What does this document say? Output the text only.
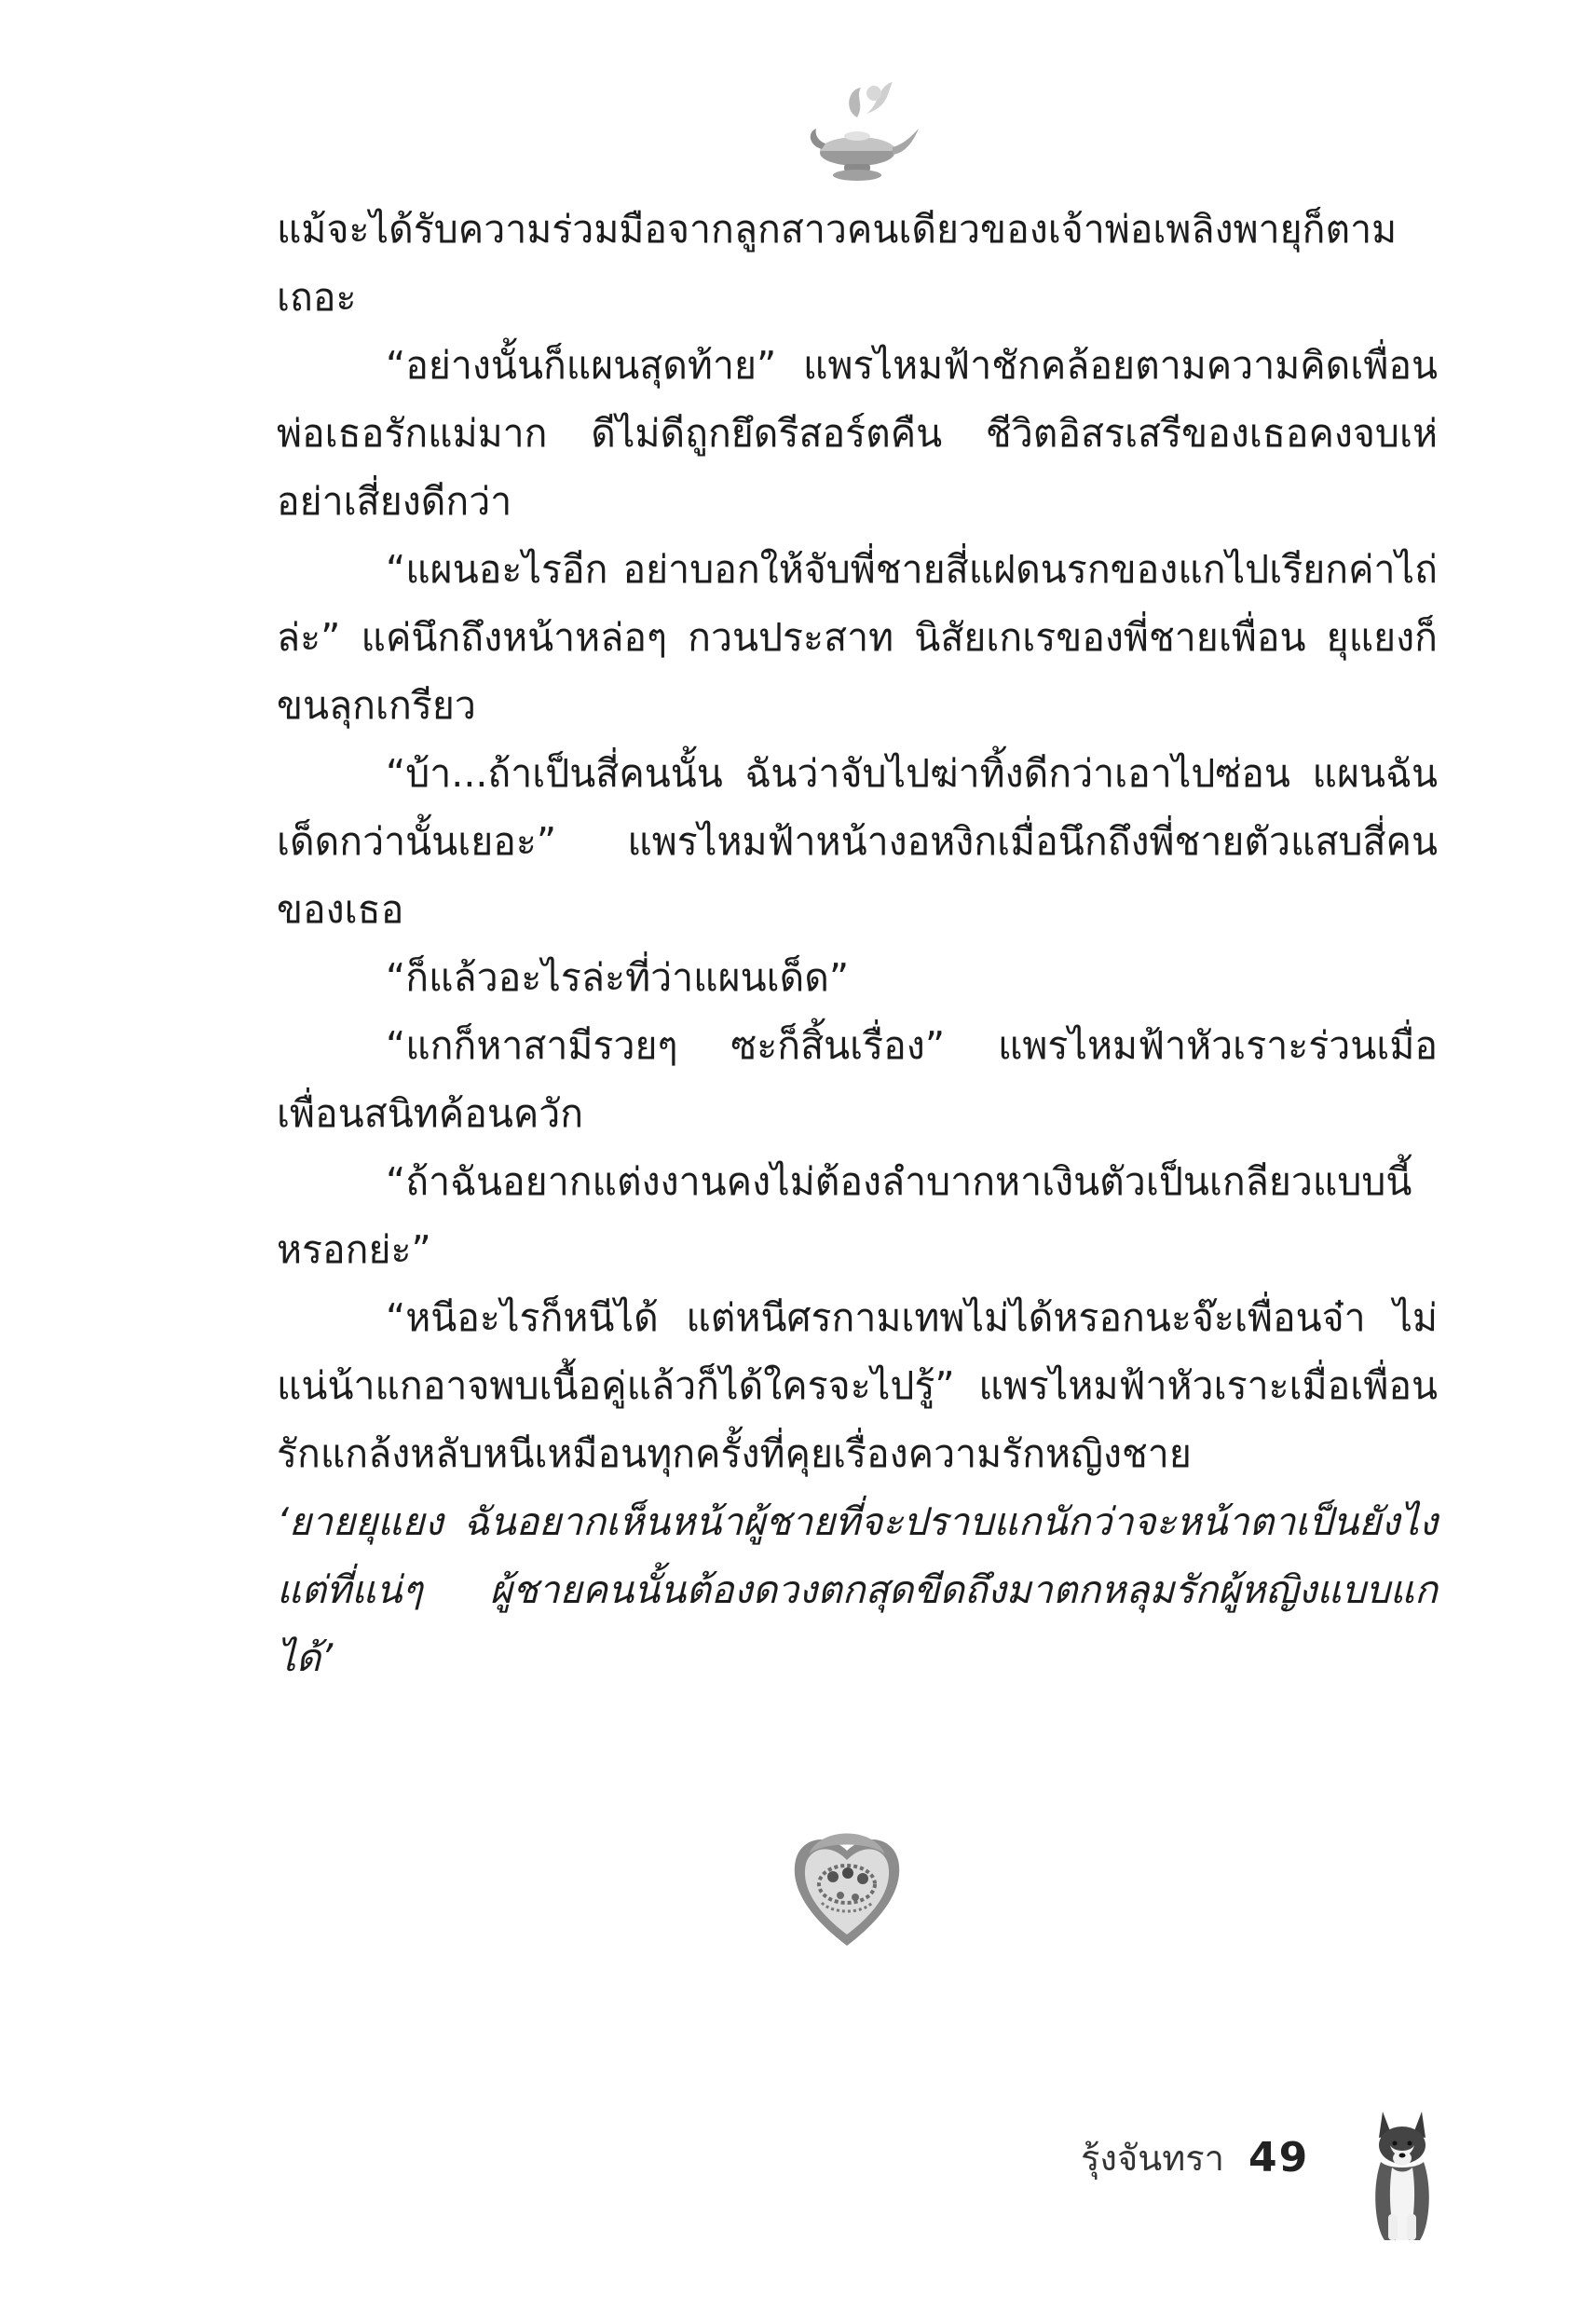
แม้จะได้รับความร่วมมือจากลูกสาวคนเดียวของเจ้าพ่อเพลิงพายุก็ตามเถอะ

“อย่างนั้นก็แผนสุดท้าย” แพรไหมฟ้าชักคล้อยตามความคิดเพื่อน พ่อเธอรักแม่มาก ดีไม่ดีถูกยึดรีสอร์ตคืน ชีวิตอิสรเสรีของเธอคงจบเห่ อย่าเสี่ยงดีกว่า

“แผนอะไรอีก อย่าบอกให้จับพี่ชายสี่แฝดนรกของแกไปเรียกค่าไถ่ล่ะ” แค่นึกถึงหน้าหล่อๆ กวนประสาท นิสัยเกเรของพี่ชายเพื่อน ยุแยงก็ขนลุกเกรียว

“บ้า...ถ้าเป็นสี่คนนั้น ฉันว่าจับไปฆ่าทิ้งดีกว่าเอาไปซ่อน แผนฉันเด็ดกว่านั้นเยอะ” แพรไหมฟ้าหน้างอหงิกเมื่อนึกถึงพี่ชายตัวแสบสี่คนของเธอ

“ก็แล้วอะไรล่ะที่ว่าแผนเด็ด”

“แกก็หาสามีรวยๆ ซะก็สิ้นเรื่อง” แพรไหมฟ้าหัวเราะร่วนเมื่อเพื่อนสนิทค้อนควัก

“ถ้าฉันอยากแต่งงานคงไม่ต้องลำบากหาเงินตัวเป็นเกลียวแบบนี้หรอกย่ะ”

“หนีอะไรก็หนีได้ แต่หนีศรกามเทพไม่ได้หรอกนะจ๊ะเพื่อนจ๋า ไม่แน่น้าแกอาจพบเนื้อคู่แล้วก็ได้ใครจะไปรู้” แพรไหมฟ้าหัวเราะเมื่อเพื่อนรักแกล้งหลับหนีเหมือนทุกครั้งที่คุยเรื่องความรักหญิงชาย

‘ยายยุแยง ฉันอยากเห็นหน้าผู้ชายที่จะปราบแกนักว่าจะหน้าตาเป็นยังไง แต่ที่แน่ๆ ผู้ชายคนนั้นต้องดวงตกสุดขีดถึงมาตกหลุมรักผู้หญิงแบบแกได้’

รุ้งจันทรา 49
